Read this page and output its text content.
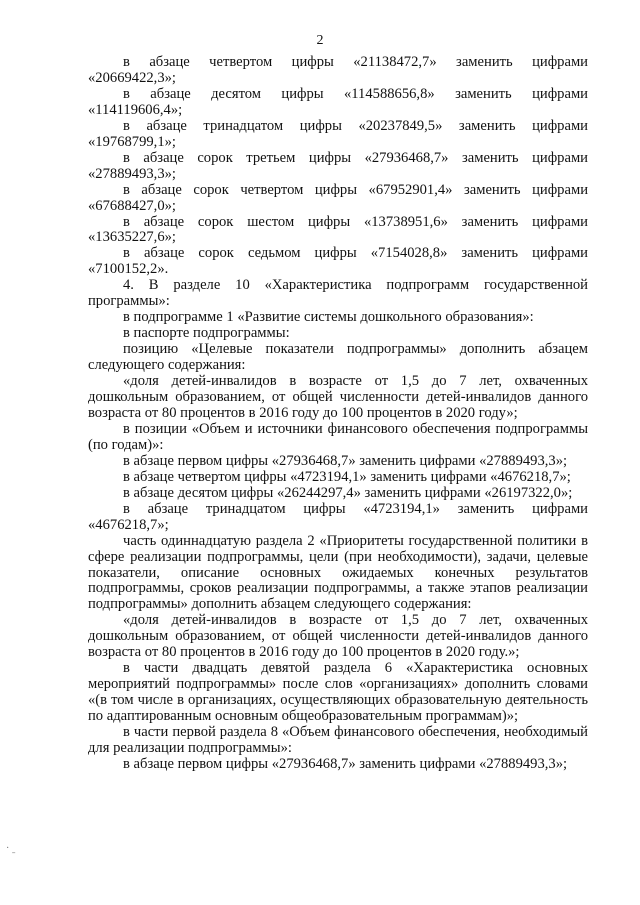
2

в абзаце четвертом цифры «21138472,7» заменить цифрами

«20669422,3»;

в абзаце десятом цифры «114588656,8» заменить цифрами

«114119606,4»;

в абзаце тринадцатом цифры «20237849,5» заменить цифрами

«19768799,1»;

в абзаце сорок третьем цифры «27936468,7» заменить цифрами

«27889493,3»;

в абзаце сорок четвертом цифры «67952901,4» заменить цифрами

«67688427,0»;

в абзаце сорок шестом цифры «13738951,6» заменить цифрами

«13635227,6»;

в абзаце сорок седьмом цифры «7154028,8» заменить цифрами

«7100152,2».

4. В разделе 10 «Характеристика подпрограмм государственной программы»:

в подпрограмме 1 «Развитие системы дошкольного образования»:

в паспорте подпрограммы:

позицию «Целевые показатели подпрограммы» дополнить абзацем следующего содержания:

«доля детей-инвалидов в возрасте от 1,5 до 7 лет, охваченных дошкольным образованием, от общей численности детей-инвалидов данного возраста от 80 процентов в 2016 году до 100 процентов в 2020 году»;

в позиции «Объем и источники финансового обеспечения подпрограммы (по годам)»:

в абзаце первом цифры «27936468,7» заменить цифрами «27889493,3»;

в абзаце четвертом цифры «4723194,1» заменить цифрами «4676218,7»;

в абзаце десятом цифры «26244297,4» заменить цифрами «26197322,0»;

в абзаце тринадцатом цифры «4723194,1» заменить цифрами

«4676218,7»;

часть одиннадцатую раздела 2 «Приоритеты государственной политики в сфере реализации подпрограммы, цели (при необходимости), задачи, целевые показатели, описание основных ожидаемых конечных результатов подпрограммы, сроков реализации подпрограммы, а также этапов реализации подпрограммы» дополнить абзацем следующего содержания:

«доля детей-инвалидов в возрасте от 1,5 до 7 лет, охваченных дошкольным образованием, от общей численности детей-инвалидов данного возраста от 80 процентов в 2016 году до 100 процентов в 2020 году.»;

в части двадцать девятой раздела 6 «Характеристика основных мероприятий подпрограммы» после слов «организациях» дополнить словами «(в том числе в организациях, осуществляющих образовательную деятельность по адаптированным основным общеобразовательным программам)»;

в части первой раздела 8 «Объем финансового обеспечения, необходимый для реализации подпрограммы»:

в абзаце первом цифры «27936468,7» заменить цифрами «27889493,3»;

·
ˉ
